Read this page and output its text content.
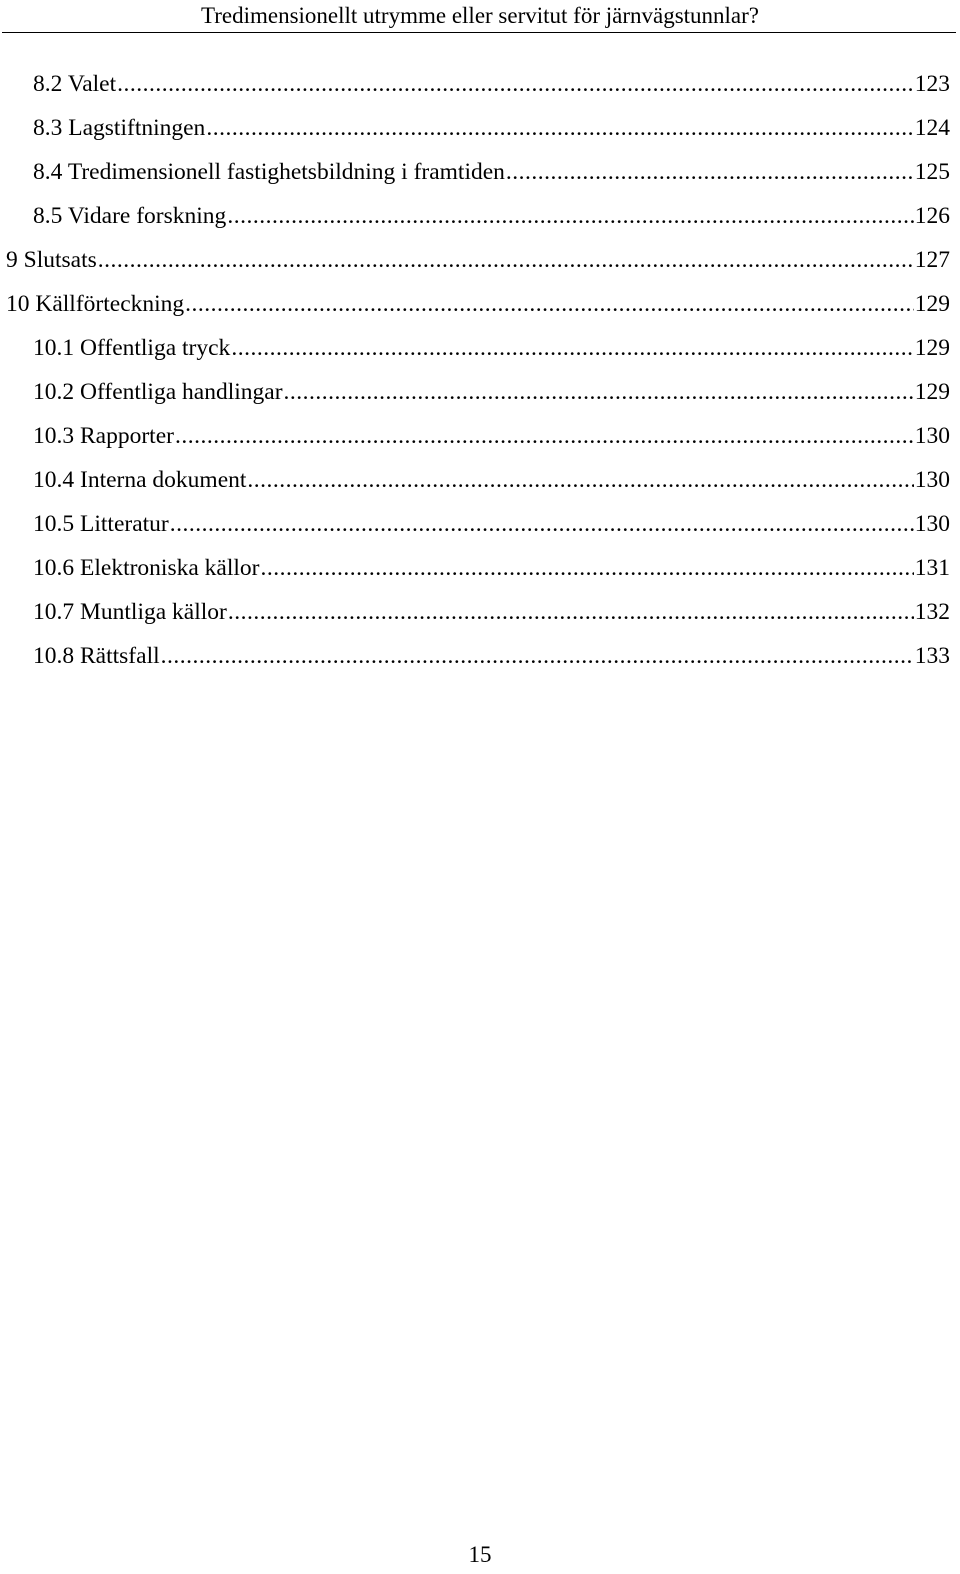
Tredimensionellt utrymme eller servitut för järnvägstunnlar?
8.2 Valet .....	123
8.3 Lagstiftningen .....	124
8.4 Tredimensionell fastighetsbildning i framtiden .....	125
8.5 Vidare forskning .....	126
9 Slutsats .....	127
10 Källförteckning .....	129
10.1 Offentliga tryck .....	129
10.2 Offentliga handlingar .....	129
10.3 Rapporter .....	130
10.4 Interna dokument .....	130
10.5 Litteratur .....	130
10.6 Elektroniska källor .....	131
10.7 Muntliga källor .....	132
10.8 Rättsfall .....	133
15
